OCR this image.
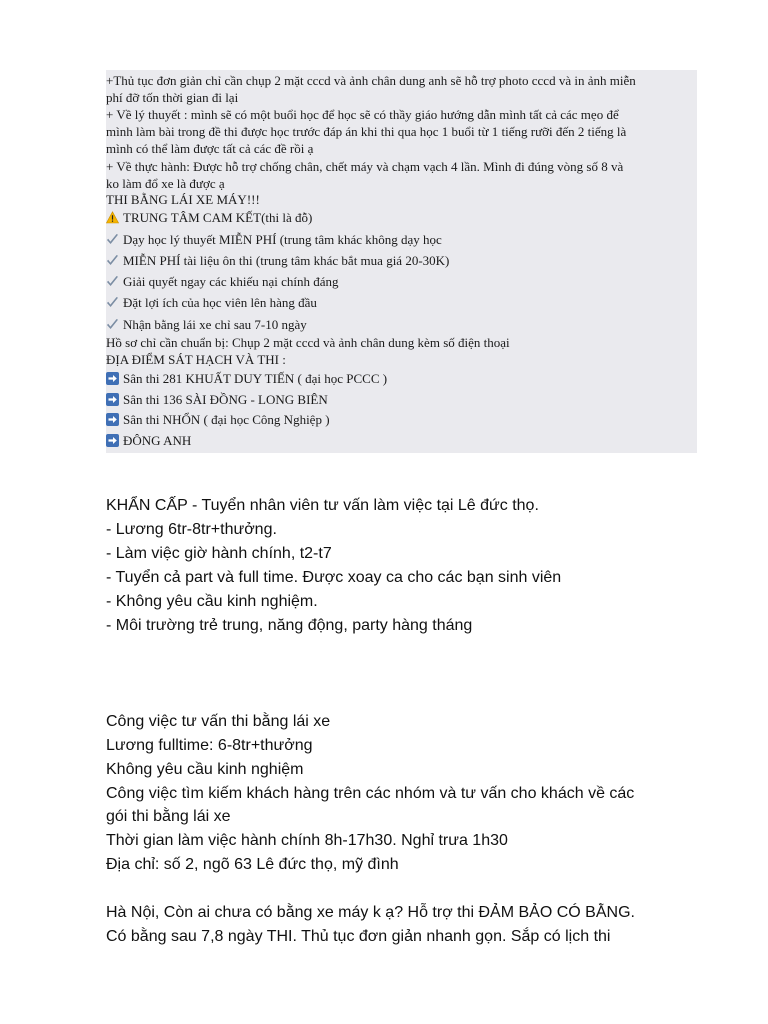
+Thủ tục đơn giản chỉ cần chụp 2 mặt cccd và ảnh chân dung anh sẽ hỗ trợ photo cccd và in ảnh miễn
phí đỡ tốn thời gian đi lại
+ Về lý thuyết : mình sẽ có một buổi học để học sẽ có thầy giáo hướng dẫn mình tất cả các mẹo để
mình làm bài trong đề thi được học trước đáp án khi thi qua học 1 buổi từ 1 tiếng rưỡi đến 2 tiếng là
mình có thể làm được tất cả các đề rồi ạ
+ Về thực hành: Được hỗ trợ chống chân, chết máy và chạm vạch 4 lần. Mình đi đúng vòng số 8 và
ko làm đổ xe là được ạ
THI BẰNG LÁI XE MÁY!!!
TRUNG TÂM CAM KẾT(thi là đỗ)
Dạy học lý thuyết MIỄN PHÍ (trung tâm khác không dạy học
MIỄN PHÍ tài liệu ôn thi (trung tâm khác bắt mua giá 20-30K)
Giải quyết ngay các khiếu nại chính đáng
Đặt lợi ích của học viên lên hàng đầu
Nhận bằng lái xe chỉ sau 7-10 ngày
Hồ sơ chỉ cần chuẩn bị: Chụp 2 mặt cccd và ảnh chân dung kèm số điện thoại
ĐỊA ĐIỂM SÁT HẠCH VÀ THI :
Sân thi 281 KHUẤT DUY TIẾN ( đại học PCCC )
Sân thi 136 SÀI ĐỒNG - LONG BIÊN
Sân thi NHỔN ( đại học Công Nghiệp )
ĐÔNG ANH
KHẨN CẤP - Tuyển nhân viên tư vấn làm việc tại Lê đức thọ.
- Lương 6tr-8tr+thưởng.
- Làm việc giờ hành chính, t2-t7
- Tuyển cả part và full time. Được xoay ca cho các bạn sinh viên
- Không yêu cầu kinh nghiệm.
- Môi trường trẻ trung, năng động, party hàng tháng
Công việc tư vấn thi bằng lái xe
Lương fulltime: 6-8tr+thưởng
Không yêu cầu kinh nghiệm
Công việc tìm kiếm khách hàng trên các nhóm và tư vấn cho khách về các
gói thi bằng lái xe
Thời gian làm việc hành chính 8h-17h30. Nghỉ trưa 1h30
Địa chỉ: số 2, ngõ 63 Lê đức thọ, mỹ đình
Hà Nội, Còn ai chưa có bằng xe máy k ạ? Hỗ trợ thi ĐẢM BẢO CÓ BẰNG.
Có bằng sau 7,8 ngày THI. Thủ tục đơn giản nhanh gọn. Sắp có lịch thi
